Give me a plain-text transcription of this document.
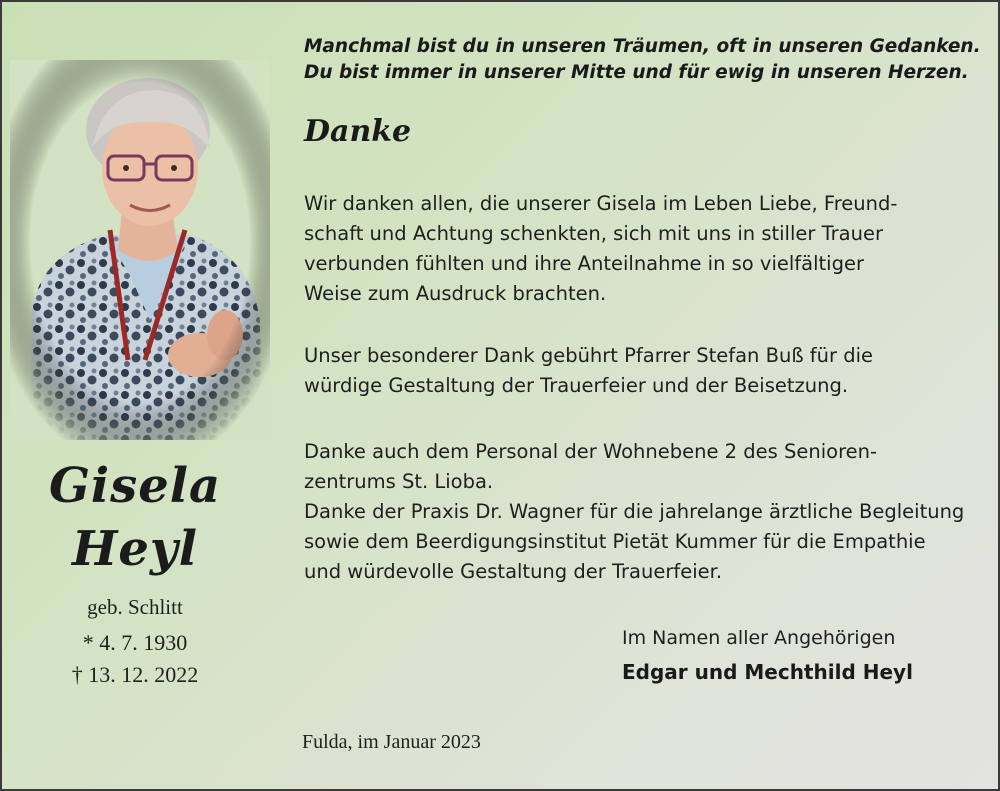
Gisela
Heyl
geb. Schlitt
* 4. 7. 1930
† 13. 12. 2022
Manchmal bist du in unseren Träumen, oft in unseren Gedanken.
Du bist immer in unserer Mitte und für ewig in unseren Herzen.
Danke
Wir danken allen, die unserer Gisela im Leben Liebe, Freund-
schaft und Achtung schenkten, sich mit uns in stiller Trauer
verbunden fühlten und ihre Anteilnahme in so vielfältiger
Weise zum Ausdruck brachten.
Unser besonderer Dank gebührt Pfarrer Stefan Buß für die
würdige Gestaltung der Trauerfeier und der Beisetzung.
Danke auch dem Personal der Wohnebene 2 des Senioren-
zentrums St. Lioba.
Danke der Praxis Dr. Wagner für die jahrelange ärztliche Begleitung
sowie dem Beerdigungsinstitut Pietät Kummer für die Empathie
und würdevolle Gestaltung der Trauerfeier.
Im Namen aller Angehörigen
Edgar und Mechthild Heyl
Fulda, im Januar 2023
